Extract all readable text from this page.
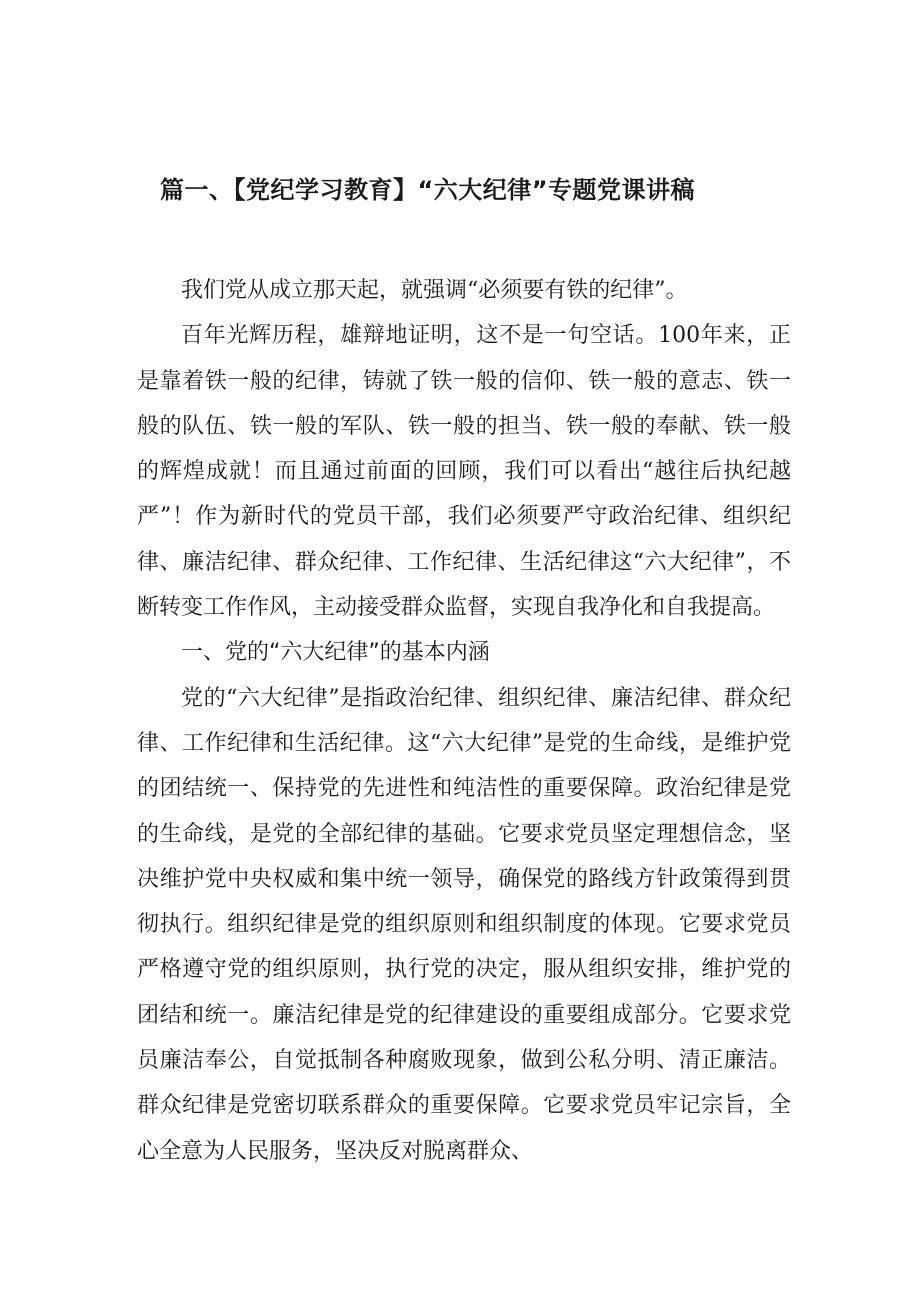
篇一、【党纪学习教育】“六大纪律”专题党课讲稿

我们党从成立那天起，就强调“必须要有铁的纪律”。

百年光辉历程，雄辩地证明，这不是一句空话。100年来，正是靠着铁一般的纪律，铸就了铁一般的信仰、铁一般的意志、铁一般的队伍、铁一般的军队、铁一般的担当、铁一般的奉献、铁一般的辉煌成就！而且通过前面的回顾，我们可以看出“越往后执纪越严”！作为新时代的党员干部，我们必须要严守政治纪律、组织纪律、廉洁纪律、群众纪律、工作纪律、生活纪律这“六大纪律”，不断转变工作作风，主动接受群众监督，实现自我净化和自我提高。

一、党的“六大纪律”的基本内涵

党的“六大纪律”是指政治纪律、组织纪律、廉洁纪律、群众纪律、工作纪律和生活纪律。这“六大纪律”是党的生命线，是维护党的团结统一、保持党的先进性和纯洁性的重要保障。政治纪律是党的生命线，是党的全部纪律的基础。它要求党员坚定理想信念，坚决维护党中央权威和集中统一领导，确保党的路线方针政策得到贯彻执行。组织纪律是党的组织原则和组织制度的体现。它要求党员严格遵守党的组织原则，执行党的决定，服从组织安排，维护党的团结和统一。廉洁纪律是党的纪律建设的重要组成部分。它要求党员廉洁奉公，自觉抵制各种腐败现象，做到公私分明、清正廉洁。群众纪律是党密切联系群众的重要保障。它要求党员牢记宗旨，全心全意为人民服务，坚决反对脱离群众、
